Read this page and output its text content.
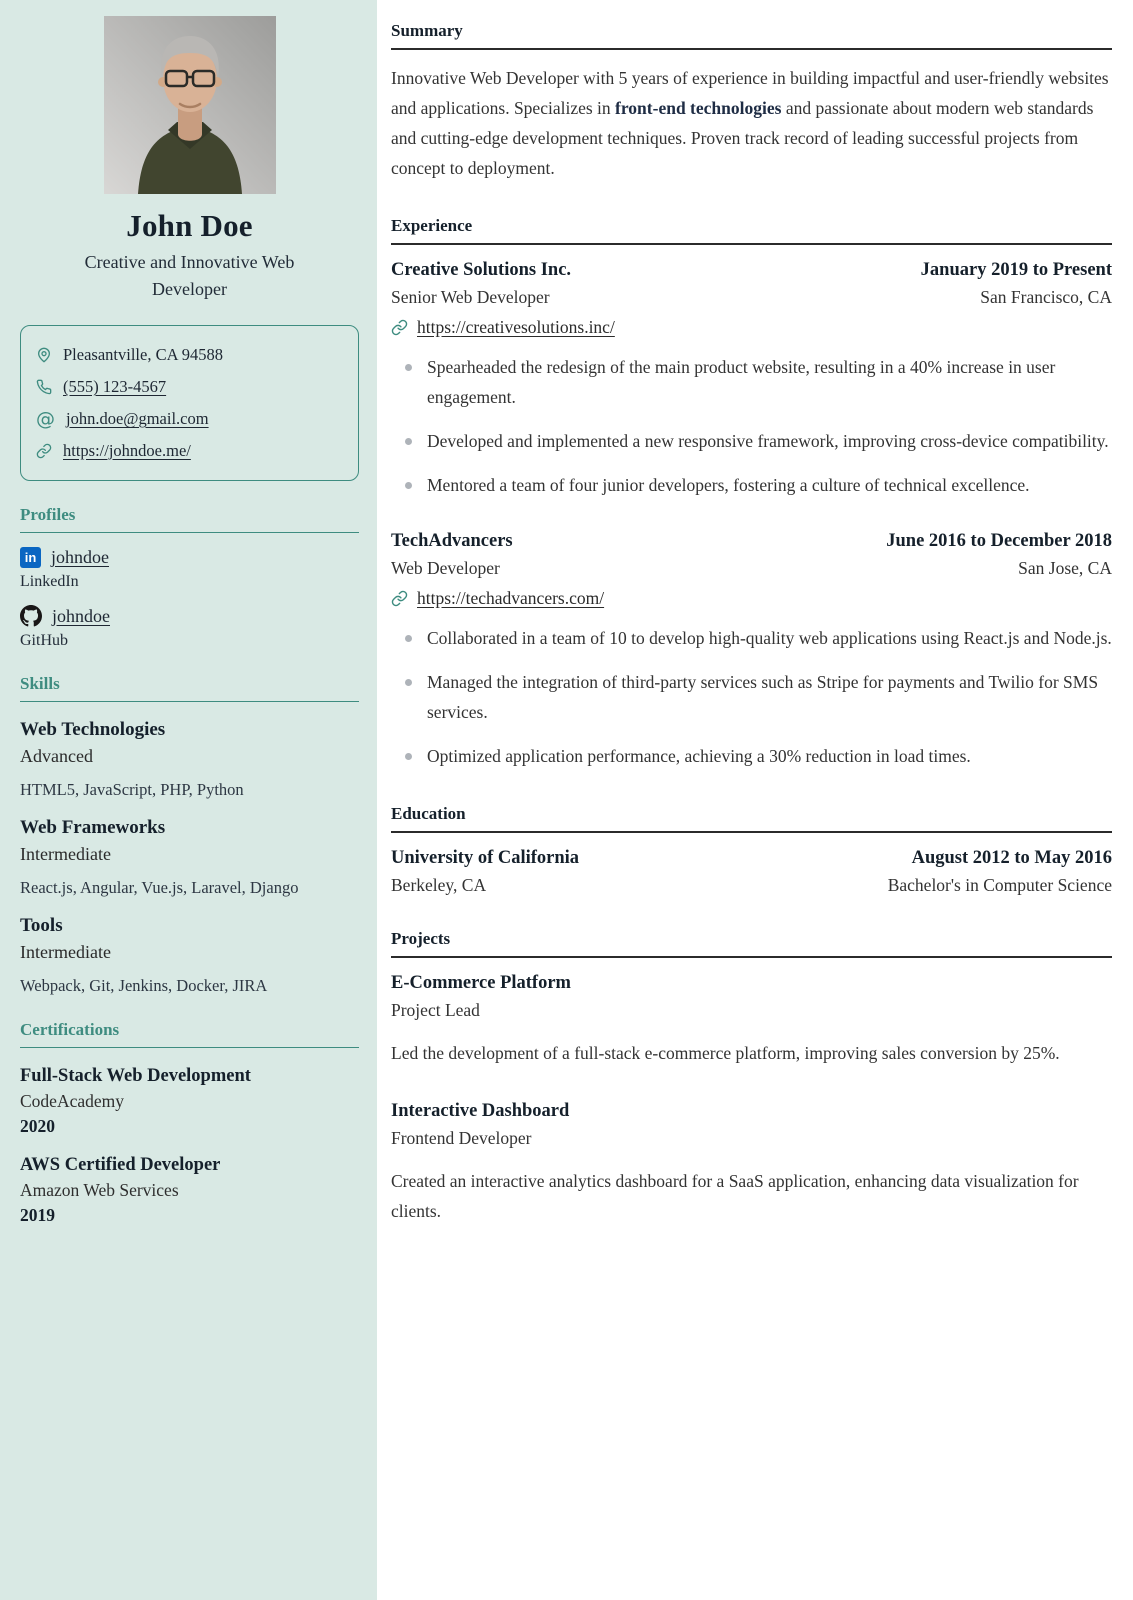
John Doe
Creative and Innovative Web Developer
Pleasantville, CA 94588
(555) 123-4567
@ john.doe@gmail.com
https://johndoe.me/
Profiles
in johndoe
LinkedIn
johndoe
GitHub
Skills
Web Technologies
Advanced
HTML5, JavaScript, PHP, Python
Web Frameworks
Intermediate
React.js, Angular, Vue.js, Laravel, Django
Tools
Intermediate
Webpack, Git, Jenkins, Docker, JIRA
Certifications
Full-Stack Web Development
CodeAcademy
2020
AWS Certified Developer
Amazon Web Services
2019
Summary

Innovative Web Developer with 5 years of experience in building impactful and user-friendly websites and applications. Specializes in front-end technologies and passionate about modern web standards and cutting-edge development techniques. Proven track record of leading successful projects from concept to deployment.

Experience
Creative Solutions Inc.	January 2019 to Present
Senior Web Developer	San Francisco, CA
https://creativesolutions.inc/
Spearheaded the redesign of the main product website, resulting in a 40% increase in user engagement.
Developed and implemented a new responsive framework, improving cross-device compatibility.
Mentored a team of four junior developers, fostering a culture of technical excellence.
TechAdvancers	June 2016 to December 2018
Web Developer	San Jose, CA
https://techadvancers.com/
Collaborated in a team of 10 to develop high-quality web applications using React.js and Node.js.
Managed the integration of third-party services such as Stripe for payments and Twilio for SMS services.
Optimized application performance, achieving a 30% reduction in load times.
Education
University of California	August 2012 to May 2016
Berkeley, CA	Bachelor's in Computer Science
Projects
E-Commerce Platform
Project Lead

Led the development of a full-stack e-commerce platform, improving sales conversion by 25%.

Interactive Dashboard
Frontend Developer

Created an interactive analytics dashboard for a SaaS application, enhancing data visualization for clients.
